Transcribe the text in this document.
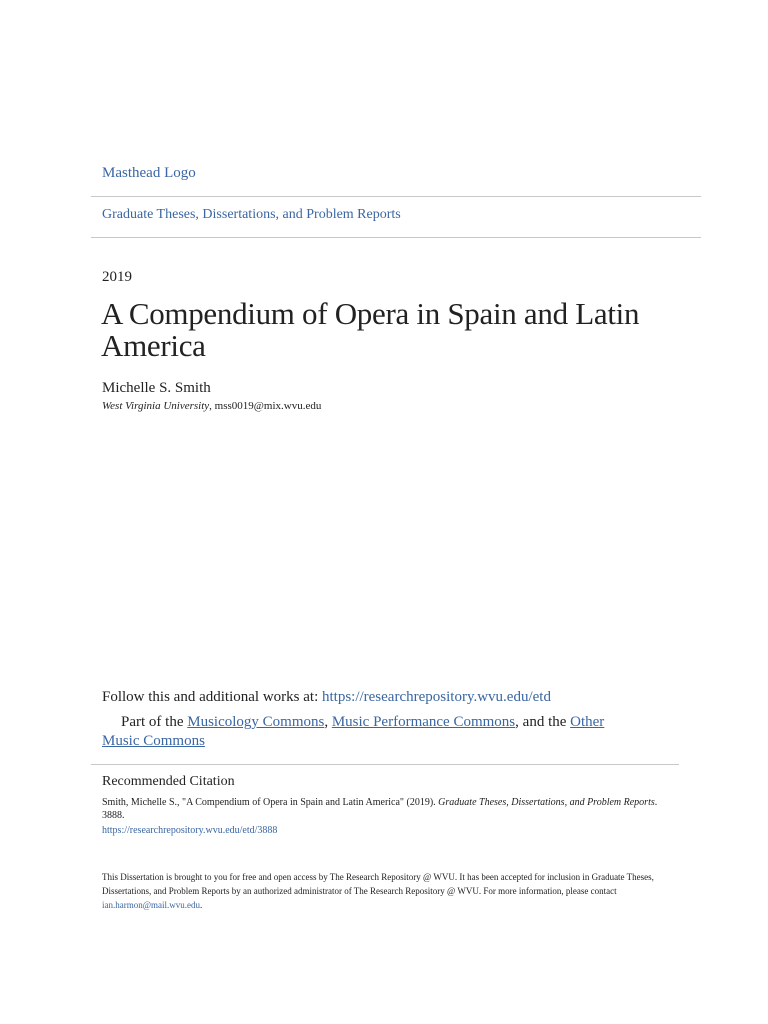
Masthead Logo
Graduate Theses, Dissertations, and Problem Reports
2019
A Compendium of Opera in Spain and Latin America
Michelle S. Smith
West Virginia University, mss0019@mix.wvu.edu
Follow this and additional works at: https://researchrepository.wvu.edu/etd
Part of the Musicology Commons, Music Performance Commons, and the Other Music Commons
Recommended Citation
Smith, Michelle S., "A Compendium of Opera in Spain and Latin America" (2019). Graduate Theses, Dissertations, and Problem Reports. 3888.
https://researchrepository.wvu.edu/etd/3888
This Dissertation is brought to you for free and open access by The Research Repository @ WVU. It has been accepted for inclusion in Graduate Theses, Dissertations, and Problem Reports by an authorized administrator of The Research Repository @ WVU. For more information, please contact ian.harmon@mail.wvu.edu.
